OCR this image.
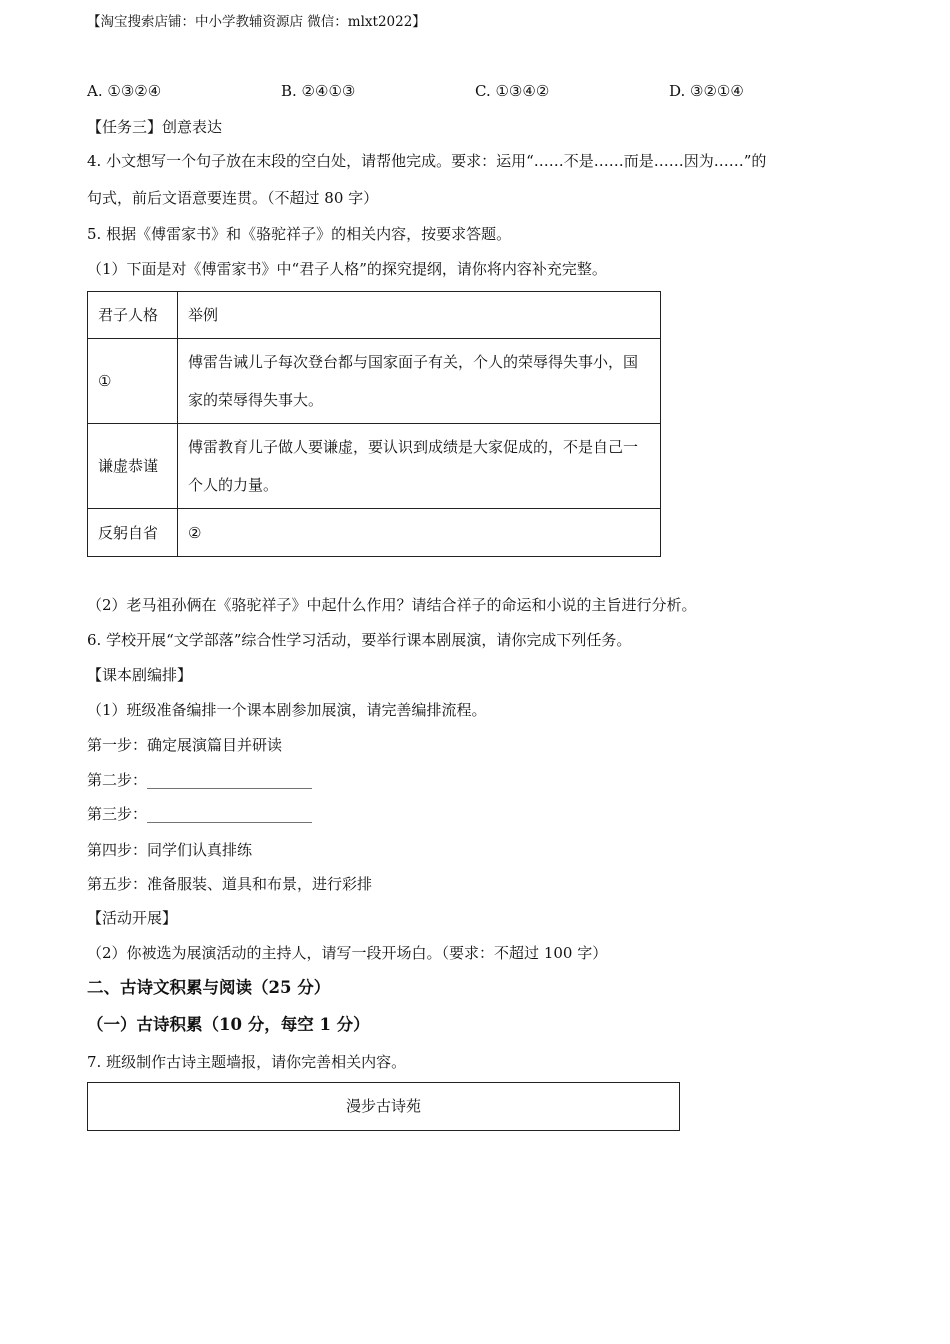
【淘宝搜索店铺：中小学教辅资源店 微信：mlxt2022】
A. ①③②④	B. ②④①③	C. ①③④②	D. ③②①④
【任务三】创意表达
4. 小文想写一个句子放在末段的空白处，请帮他完成。要求：运用“……不是……而是……因为……”的
句式，前后文语意要连贯。（不超过 80 字）
5. 根据《傅雷家书》和《骆驼祥子》的相关内容，按要求答题。
（1）下面是对《傅雷家书》中“君子人格”的探究提纲，请你将内容补充完整。
君子人格	举例
①	傅雷告诫儿子每次登台都与国家面子有关，个人的荣辱得失事小，国家的荣辱得失事大。
谦虚恭谨	傅雷教育儿子做人要谦虚，要认识到成绩是大家促成的，不是自己一个人的力量。
反躬自省	②
（2）老马祖孙俩在《骆驼祥子》中起什么作用？请结合祥子的命运和小说的主旨进行分析。
6. 学校开展“文学部落”综合性学习活动，要举行课本剧展演，请你完成下列任务。
【课本剧编排】
（1）班级准备编排一个课本剧参加展演，请完善编排流程。
第一步：确定展演篇目并研读
第二步：______________________
第三步：______________________
第四步：同学们认真排练
第五步：准备服装、道具和布景，进行彩排
【活动开展】
（2）你被选为展演活动的主持人，请写一段开场白。（要求：不超过 100 字）
二、古诗文积累与阅读（25 分）
（一）古诗积累（10 分，每空 1 分）
7. 班级制作古诗主题墙报，请你完善相关内容。
漫步古诗苑
